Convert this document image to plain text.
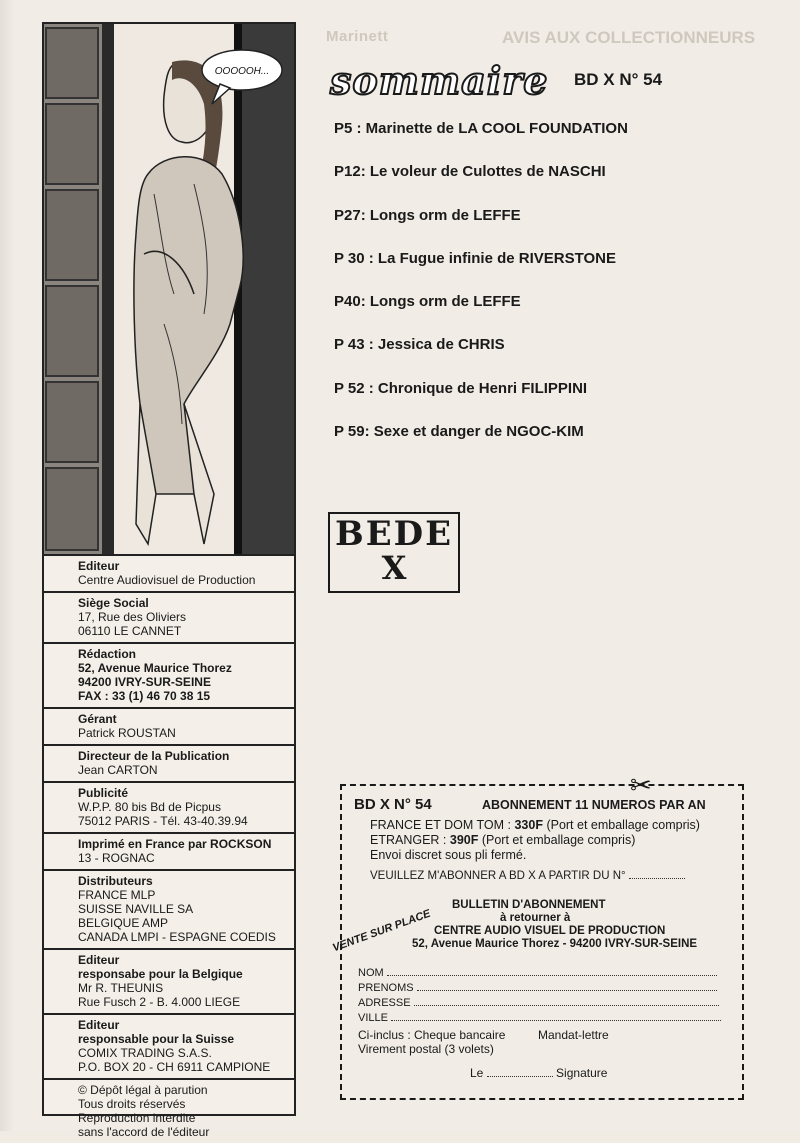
OOOOOH...
Editeur
Centre Audiovisuel de Production
Siège Social
17, Rue des Oliviers
06110 LE CANNET
Rédaction
52, Avenue Maurice Thorez
94200 IVRY-SUR-SEINE
FAX : 33 (1) 46 70 38 15
Gérant
Patrick ROUSTAN
Directeur de la Publication
Jean CARTON
Publicité
W.P.P. 80 bis Bd de Picpus
75012 PARIS - Tél. 43-40.39.94
Imprimé en France par ROCKSON
13 - ROGNAC
Distributeurs
FRANCE MLP
SUISSE NAVILLE SA
BELGIQUE AMP
CANADA LMPI - ESPAGNE COEDIS
Editeur
responsabe pour la Belgique
Mr R. THEUNIS
Rue Fusch 2 - B. 4.000 LIEGE
Editeur
responsable pour la Suisse
COMIX TRADING S.A.S.
P.O. BOX 20 - CH 6911 CAMPIONE
© Dépôt légal à parution
Tous droits réservés
Reproduction interdite
sans l'accord de l'éditeur
Marinett	AVIS AUX COLLECTIONNEURS
sommaire BD X N° 54
P5 : Marinette de LA COOL FOUNDATION
P12: Le voleur de Culottes de NASCHI
P27: Longs orm de LEFFE
P 30 : La Fugue infinie de RIVERSTONE
P40: Longs orm de LEFFE
P 43 : Jessica de CHRIS
P 52 : Chronique de Henri FILIPPINI
P 59: Sexe et danger de NGOC-KIM
BEDE
X
✂
BD X N° 54	ABONNEMENT 11 NUMEROS PAR AN
FRANCE ET DOM TOM : 330F (Port et emballage compris)
ETRANGER : 390F (Port et emballage compris)
Envoi discret sous pli fermé.
VEUILLEZ M'ABONNER A BD X A PARTIR DU N°
BULLETIN D'ABONNEMENT
à retourner à
CENTRE AUDIO VISUEL DE PRODUCTION
52, Avenue Maurice Thorez - 94200 IVRY-SUR-SEINE
NOM
PRENOMS
ADRESSE
VILLE
Ci-inclus : Cheque bancaire	Mandat-lettre
Virement postal (3 volets)
Le	Signature
VENTE SUR PLACE
